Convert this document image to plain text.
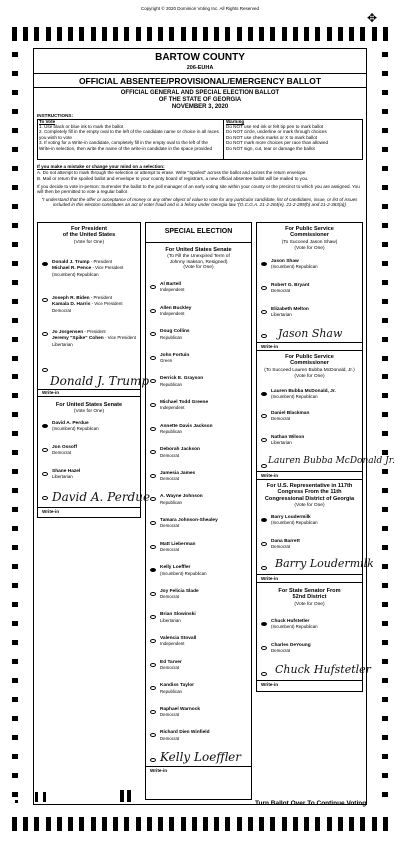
Copyright © 2020 Dominion Voting Inc. All Rights Reserved
✥
BARTOW COUNTY
206-EUHA
OFFICIAL ABSENTEE/PROVISIONAL/EMERGENCY BALLOT
OFFICIAL GENERAL AND SPECIAL ELECTION BALLOT
OF THE STATE OF GEORGIA
NOVEMBER 3, 2020
INSTRUCTIONS:
To Vote
1. Use black or blue ink to mark the ballot
2. Completely fill in the empty oval to the left of the candidate name or choice in all races you wish to vote
3. If voting for a Write-in candidate, completely fill in the empty oval to the left of the Write-in selection, then write the name of the write-in candidate in the space provided
Warning
Do NOT use red ink or felt tip pen to mark ballot
Do NOT circle, underline or mark through choices
Do NOT use check marks or X to mark ballot
Do NOT mark more choices per race than allowed
Do NOT sign, cut, tear or damage the ballot
If you make a mistake or change your mind on a selection:
A. Do not attempt to mark through the selection or attempt to erase. Write "Spoiled" across the ballot and across the return envelope
B. Mail or return the spoiled ballot and envelope to your county board of registrars, a new official absentee ballot will be mailed to you.
If you decide to vote in-person: Surrender the ballot to the poll manager of an early voting site within your county or the precinct to which you are assigned. You will then be permitted to vote a regular ballot
"I understand that the offer or acceptance of money or any other object of value to vote for any particular candidate, list of candidates, issue, or list of issues included in this election constitutes an act of voter fraud and is a felony under Georgia law."(O.C.G.A. 21-2-284(e), 21-2-285(h) and 21-2-383(a))
For President
of the United States
(Vote for One)
Donald J. Trump - President
Michael R. Pence - Vice President
(Incumbent) Republican
Joseph R. Biden - President
Kamala D. Harris - Vice President
Democrat
Jo Jorgensen - President
Jeremy "Spike" Cohen - Vice President
Libertarian
Donald J. Trump
Write-in
For United States Senate
(Vote for One)
David A. Perdue
(Incumbent) Republican
Jon Ossoff
Democrat
Shane Hazel
Libertarian
David A. Perdue
Write-in
SPECIAL ELECTION
For United States Senate
(To Fill the Unexpired Term of
Johnny Isakson, Resigned)
(Vote for One)
Al Bartell
Independent
Allen Buckley
Independent
Doug Collins
Republican
John Fortuin
Green
Derrick E. Grayson
Republican
Michael Todd Greene
Independent
Annette Davis Jackson
Republican
Deborah Jackson
Democrat
Jamesia James
Democrat
A. Wayne Johnson
Republican
Tamara Johnson-Shealey
Democrat
Matt Lieberman
Democrat
Kelly Loeffler
(Incumbent) Republican
Joy Felicia Slade
Democrat
Brian Slowinski
Libertarian
Valencia Stovall
Independent
Ed Tarver
Democrat
Kandiss Taylor
Republican
Raphael Warnock
Democrat
Richard Dien Winfield
Democrat
Kelly Loeffler
Write-in
For Public Service
Commissioner
(To Succeed Jason Shaw)
(Vote for One)
Jason Shaw
(Incumbent) Republican
Robert G. Bryant
Democrat
Elizabeth Melton
Libertarian
Jason Shaw
Write-in
For Public Service
Commissioner
(To Succeed Lauren Bubba McDonald, Jr.)
(Vote for One)
Lauren Bubba McDonald, Jr.
(Incumbent) Republican
Daniel Blackman
Democrat
Nathan Wilson
Libertarian
Lauren Bubba McDonald Jr.
Write-in
For U.S. Representative in 117th
Congress From the 11th
Congressional District of Georgia
(Vote for One)
Barry Loudermilk
(Incumbent) Republican
Dana Barrett
Democrat
Barry Loudermilk
Write-in
For State Senator From
52nd District
(Vote for One)
Chuck Hufstetler
(Incumbent) Republican
Charles DeYoung
Democrat
Chuck Hufstetler
Write-in
Turn Ballot Over To Continue Voting
